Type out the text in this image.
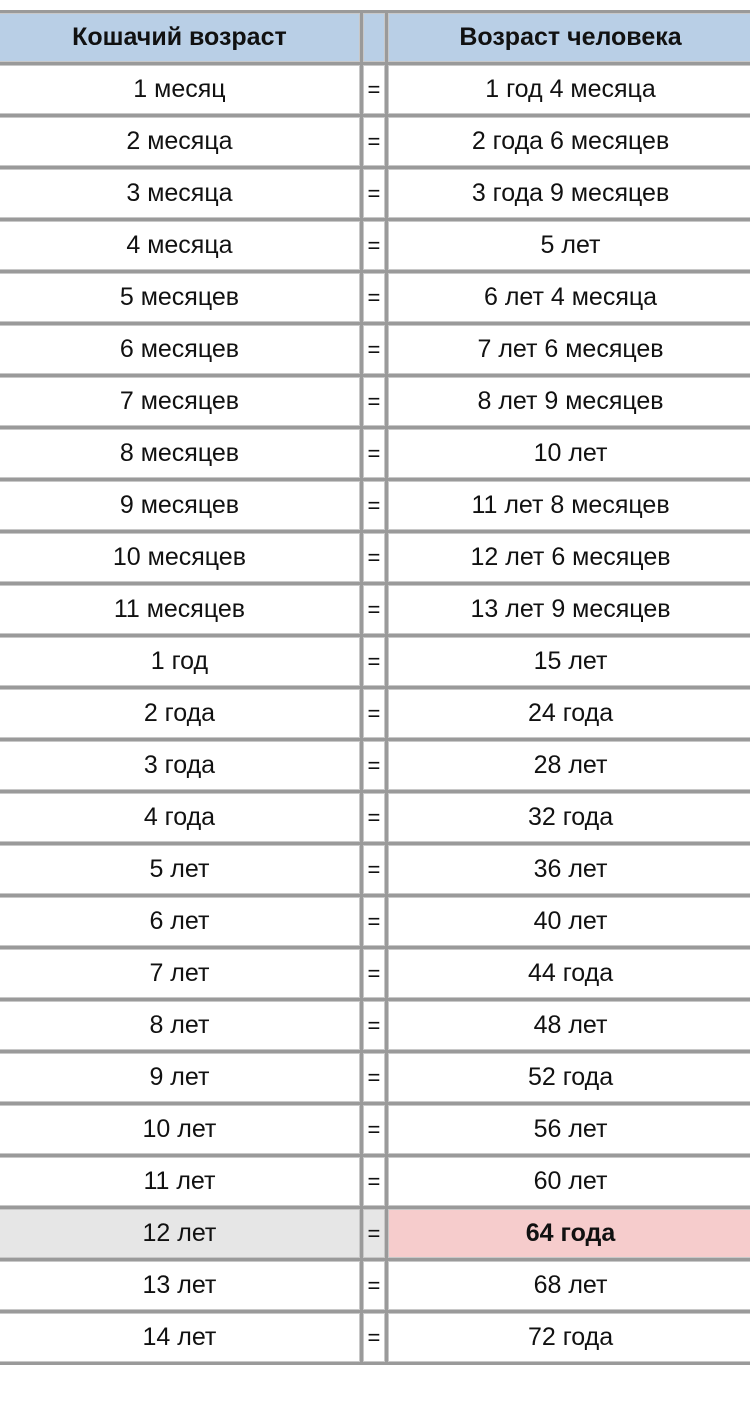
Кошачий возраст		Возраст человека
1 месяц	=	1 год 4 месяца
2 месяца	=	2 года 6 месяцев
3 месяца	=	3 года 9 месяцев
4 месяца	=	5 лет
5 месяцев	=	6 лет 4 месяца
6 месяцев	=	7 лет 6 месяцев
7 месяцев	=	8 лет 9 месяцев
8 месяцев	=	10 лет
9 месяцев	=	11 лет 8 месяцев
10 месяцев	=	12 лет 6 месяцев
11 месяцев	=	13 лет 9 месяцев
1 год	=	15 лет
2 года	=	24 года
3 года	=	28 лет
4 года	=	32 года
5 лет	=	36 лет
6 лет	=	40 лет
7 лет	=	44 года
8 лет	=	48 лет
9 лет	=	52 года
10 лет	=	56 лет
11 лет	=	60 лет
12 лет	=	64 года
13 лет	=	68 лет
14 лет	=	72 года
